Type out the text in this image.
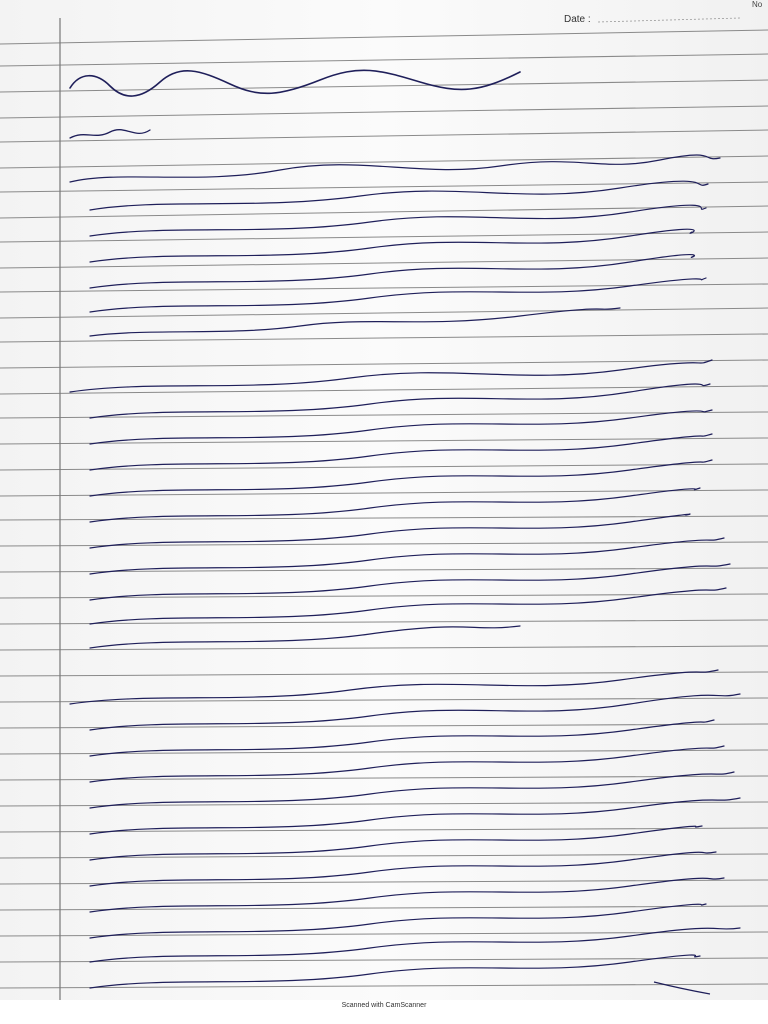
No
Date :
Scanned with CamScanner
